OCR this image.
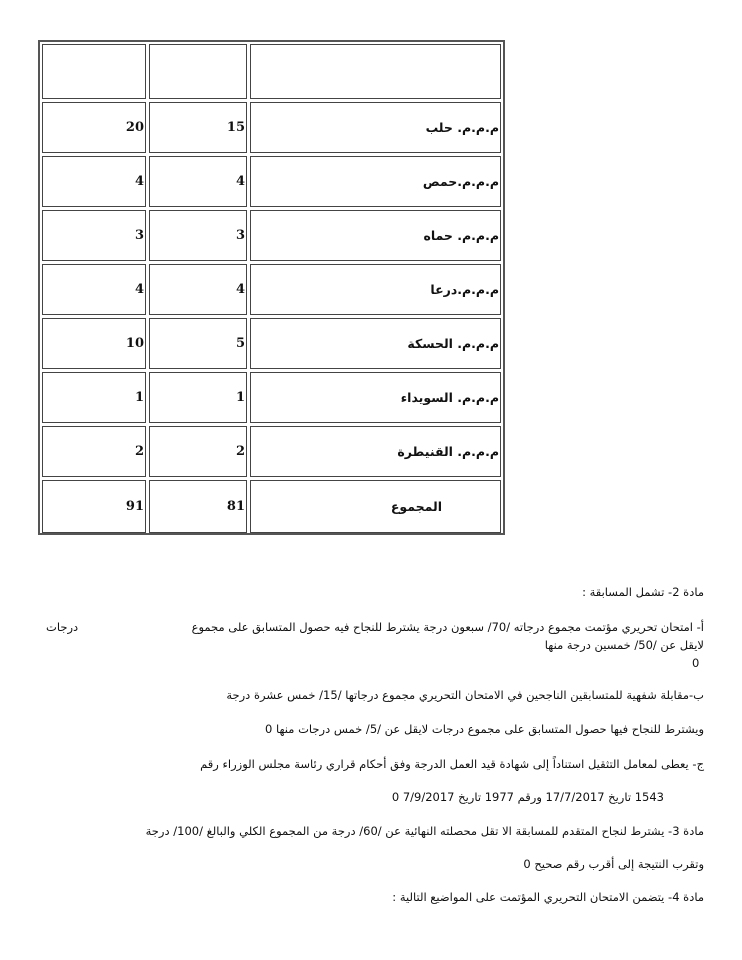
20	15	م.م.م. حلب
4	4	م.م.م.حمص
3	3	م.م.م. حماه
4	4	م.م.م.درعا
10	5	م.م.م. الحسكة
1	1	م.م.م. السويداء
2	2	م.م.م. القنيطرة
91	81	المجموع
مادة 2- تشمل المسابقة :
أ- امتحان تحريري مؤتمت مجموع درجاته /70/ سبعون درجة يشترط للنجاح فيه حصول المتسابق على مجموع
درجات
لايقل عن /50/ خمسين درجة منها
0
ب-مقابلة شفهية للمتسابقين الناجحين في الامتحان التحريري مجموع درجاتها /15/ خمس عشرة درجة
ويشترط للنجاح فيها حصول المتسابق على مجموع درجات لايقل عن /5/ خمس درجات منها 0
ج- يعطى لمعامل التثقيل استناداً إلى شهادة قيد العمل الدرجة وفق أحكام قراري رئاسة مجلس الوزراء رقم
1543 تاريخ 17/7/2017 ورقم 1977 تاريخ 7/9/2017 0
مادة 3- يشترط لنجاح المتقدم للمسابقة الا تقل محصلته النهائية عن /60/ درجة من المجموع الكلي والبالغ /100/ درجة
وتقرب النتيجة إلى أقرب رقم صحيح 0
مادة 4- يتضمن الامتحان التحريري المؤتمت على المواضيع التالية :
